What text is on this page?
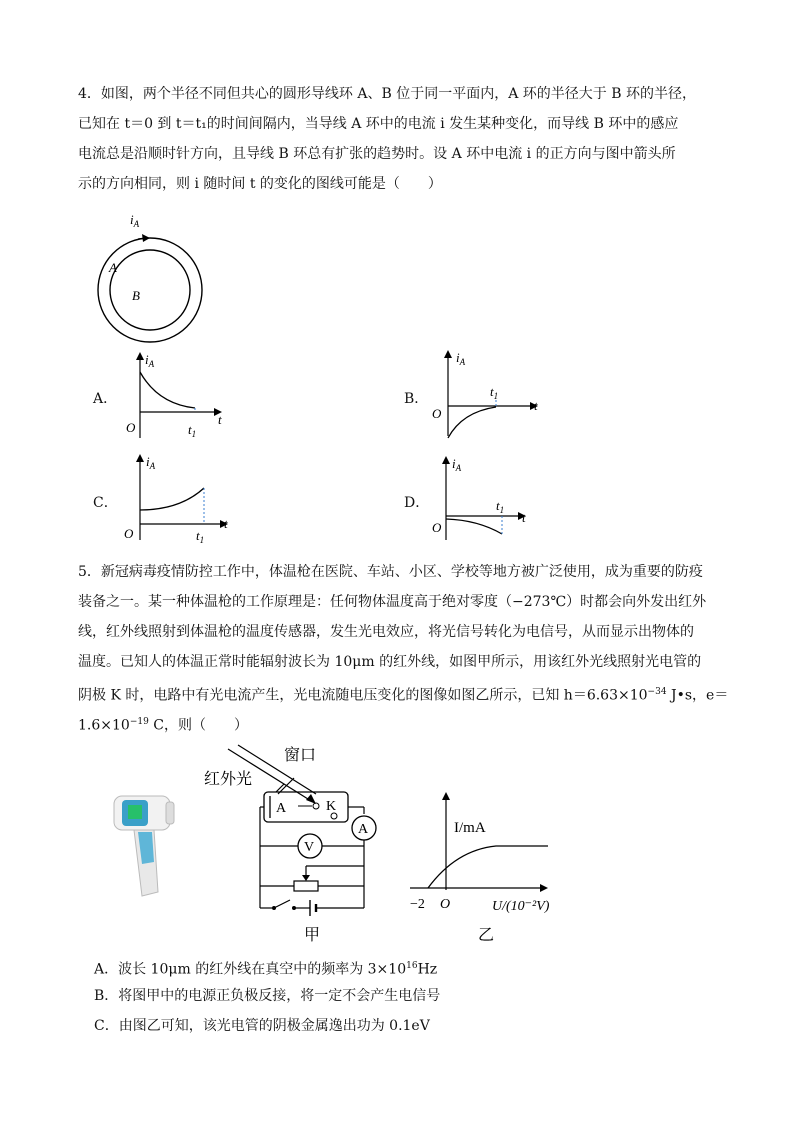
4．如图，两个半径不同但共心的圆形导线环 A、B 位于同一平面内，A 环的半径大于 B 环的半径，
已知在 t＝0 到 t＝t₁的时间间隔内，当导线 A 环中的电流 i 发生某种变化，而导线 B 环中的感应
电流总是沿顺时针方向，且导线 B 环总有扩张的趋势时。设 A 环中电流 i 的正方向与图中箭头所
示的方向相同，则 i 随时间 t 的变化的图线可能是（　　）
$i_A$
A
B
A．
$i_A$
O	$t_1$
t
B．
$i_A$
O
$t_1$
t
C．
$i_A$
O	$t_1$
t
D．
$i_A$
O
$t_1$ t
5．新冠病毒疫情防控工作中，体温枪在医院、车站、小区、学校等地方被广泛使用，成为重要的防疫
装备之一。某一种体温枪的工作原理是：任何物体温度高于绝对零度（−273℃）时都会向外发出红外
线，红外线照射到体温枪的温度传感器，发生光电效应，将光信号转化为电信号，从而显示出物体的
温度。已知人的体温正常时能辐射波长为 10μm 的红外线，如图甲所示，用该红外光线照射光电管的
阴极 K 时，电路中有光电流产生，光电流随电压变化的图像如图乙所示，已知 $h=6.63\times 10^{-34}$ J•s，e＝
$1.6\times 10^{-19}$ C，则（　　）
窗口
红外光
A	K
A
V
甲
I/mA
−2 O	U/(10⁻²V)
乙
A．波长 10μm 的红外线在真空中的频率为 $3\times 10^{16}Hz$
B．将图甲中的电源正负极反接，将一定不会产生电信号
C．由图乙可知，该光电管的阴极金属逸出功为 0.1eV
